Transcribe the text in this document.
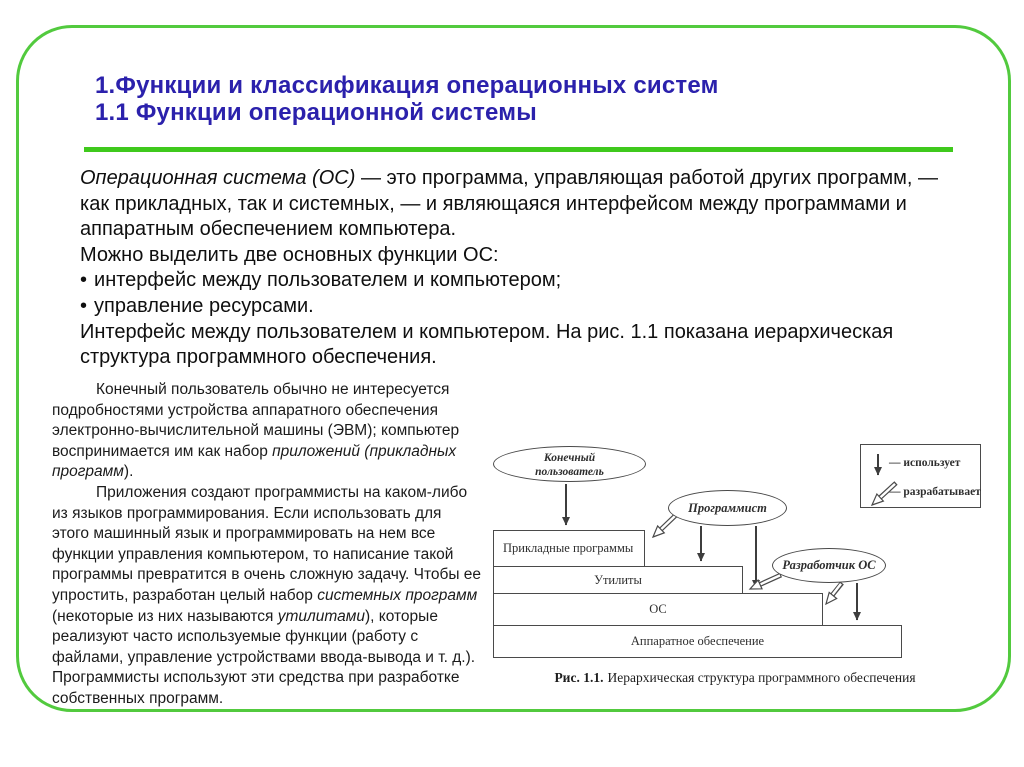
1.Функции и классификация операционных систем
1.1 Функции операционной системы

Операционная система (ОС) — это программа, управляющая работой других программ, — как прикладных, так и системных, — и являющаяся интерфейсом между программами и аппаратным обеспечением компьютера.

Можно выделить две основных функции ОС:

• интерфейс между пользователем и компьютером;

• управление ресурсами.

Интерфейс между пользователем и компьютером. На рис. 1.1 показана иерархическая структура программного обеспечения.

Конечный пользователь обычно не интересуется подробностями устройства аппаратного обеспечения электронно-вычислительной машины (ЭВМ); компьютер воспринимается им как набор приложений (прикладных программ).

Приложения создают программисты на каком-либо из языков программирования. Если использовать для этого машинный язык и программировать на нем все функции управления компьютером, то написание такой программы превратится в очень сложную задачу. Чтобы ее упростить, разработан целый набор системных программ (некоторые из них называются утилитами), которые реализуют часто используемые функции (работу с файлами, управление устройствами ввода-вывода и т. д.). Программисты используют эти средства при разработке собственных программ.

— использует
— разрабатывает
Прикладные программы
Утилиты
ОС
Аппаратное обеспечение
Конечный
пользователь
Программист
Разработчик ОС
Рис. 1.1. Иерархическая структура программного обеспечения
